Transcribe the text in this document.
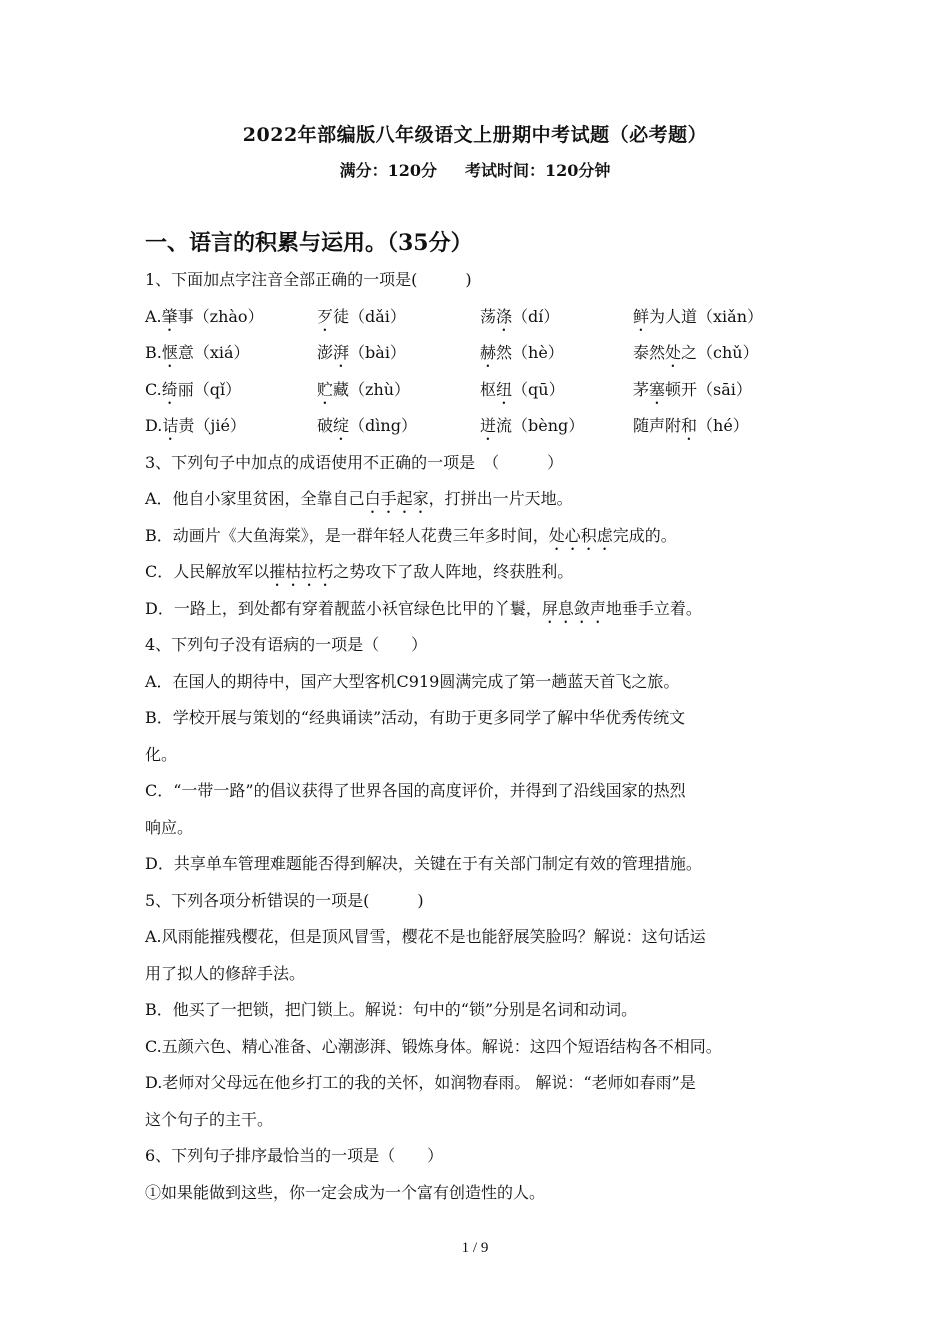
2022年部编版八年级语文上册期中考试题（必考题）
满分：120分 考试时间：120分钟
一、语言的积累与运用。（35分）
1、下面加点字注音全部正确的一项是(　　　)
A.肇事（zhào）	歹徒（dǎi）	荡涤（dí）	鲜为人道（xiǎn）
B.惬意（xiá）	澎湃（bài）	赫然（hè）	泰然处之（chǔ）
C.绮丽（qǐ）	贮藏（zhù）	枢纽（qū）	茅塞顿开（sāi）
D.诘责（jié）	破绽（dìng）	迸流（bèng）	随声附和（hé）
3、下列句子中加点的成语使用不正确的一项是　（　　　）
A．他自小家里贫困，全靠自己白手起家，打拼出一片天地。
B．动画片《大鱼海棠》，是一群年轻人花费三年多时间，处心积虑完成的。
C．人民解放军以摧枯拉朽之势攻下了敌人阵地，终获胜利。
D．一路上，到处都有穿着靓蓝小袄官绿色比甲的丫鬟，屏息敛声地垂手立着。
4、下列句子没有语病的一项是（　　）
A．在国人的期待中，国产大型客机C919圆满完成了第一趟蓝天首飞之旅。
B．学校开展与策划的“经典诵读”活动，有助于更多同学了解中华优秀传统文
化。
C．“一带一路”的倡议获得了世界各国的高度评价，并得到了沿线国家的热烈
响应。
D．共享单车管理难题能否得到解决，关键在于有关部门制定有效的管理措施。
5、下列各项分析错误的一项是(　　　)
A.风雨能摧残樱花，但是顶风冒雪，樱花不是也能舒展笑脸吗？解说：这句话运
用了拟人的修辞手法。
B．他买了一把锁，把门锁上。解说：句中的“锁”分别是名词和动词。
C.五颜六色、精心准备、心潮澎湃、锻炼身体。解说：这四个短语结构各不相同。
D.老师对父母远在他乡打工的我的关怀，如润物春雨。 解说：“老师如春雨”是
这个句子的主干。
6、下列句子排序最恰当的一项是（　　）
①如果能做到这些，你一定会成为一个富有创造性的人。
1 / 9
